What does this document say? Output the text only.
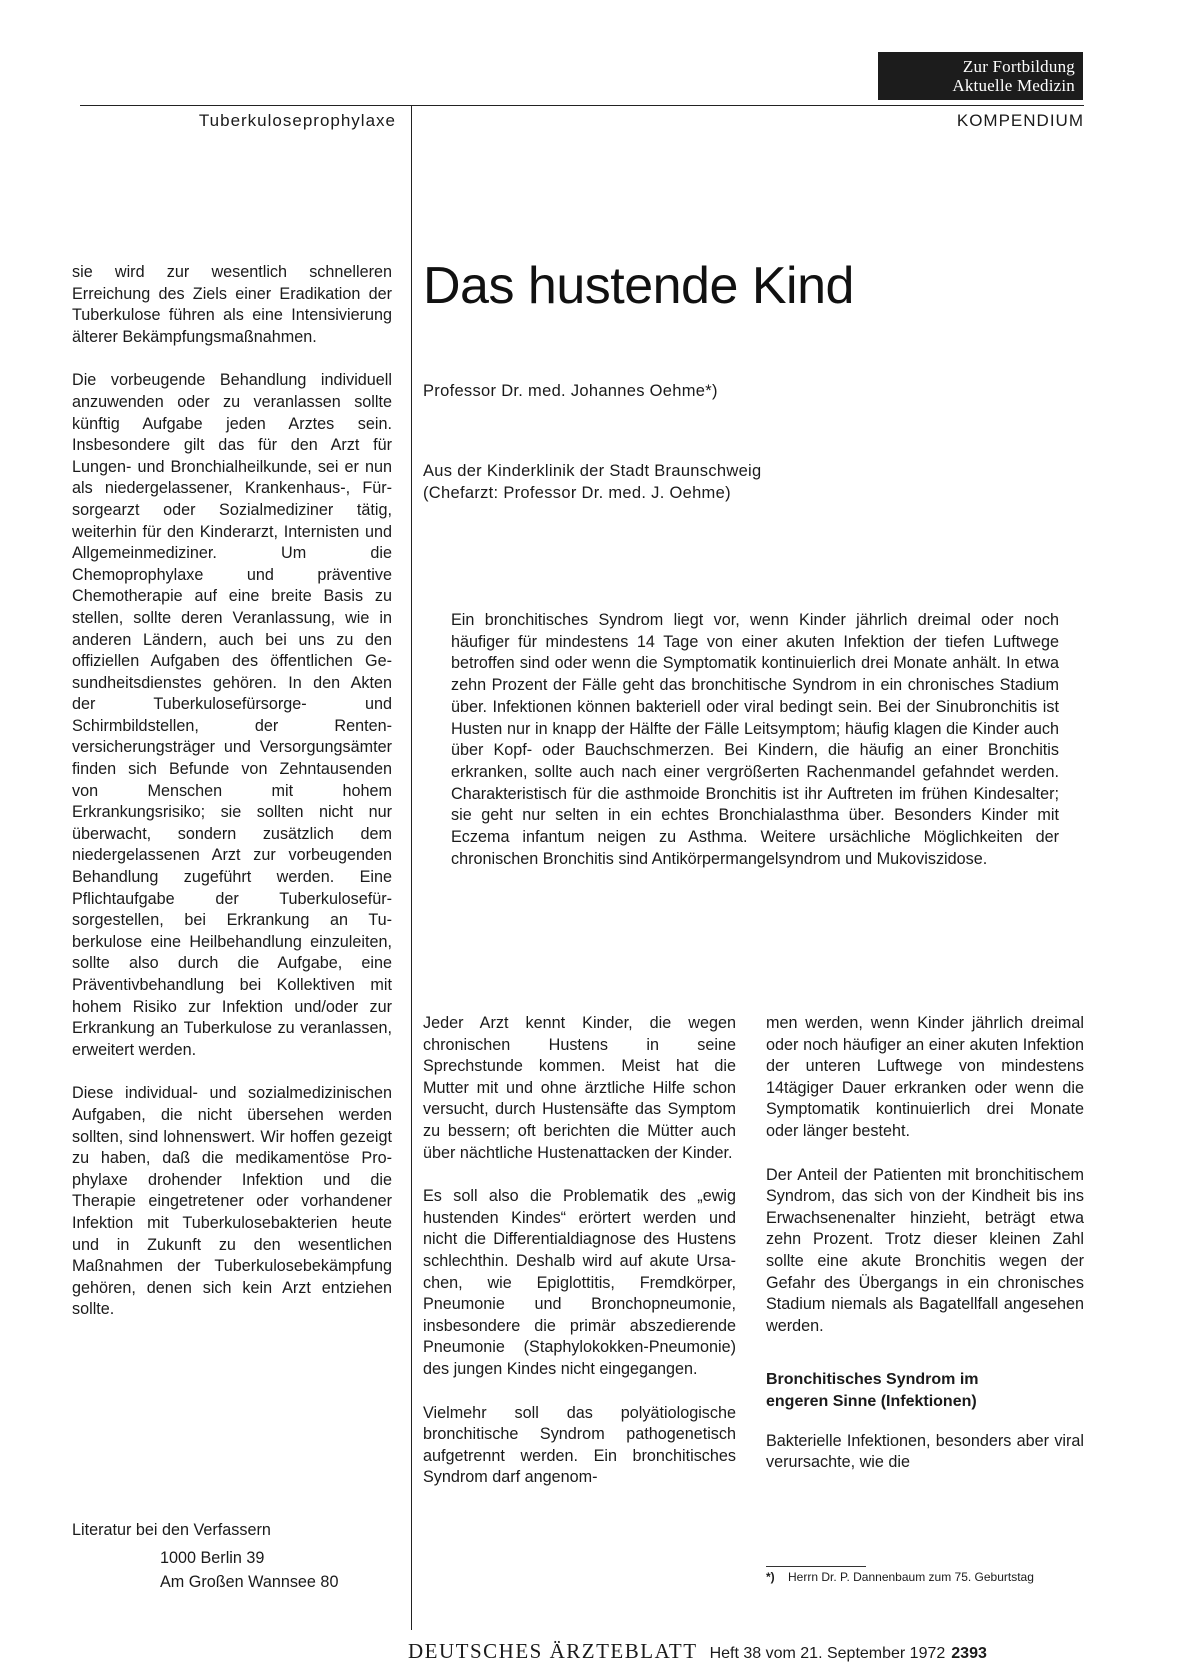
Zur Fortbildung
Aktuelle Medizin
Tuberkuloseprophylaxe	KOMPENDIUM

sie wird zur wesentlich schnelleren Erreichung des Ziels einer Eradikation der Tuberkulose führen als eine Intensivierung älterer Bekämpfungsmaßnahmen.

Die vorbeugende Behandlung individuell anzuwenden oder zu veranlassen sollte künftig Aufgabe jeden Arztes sein. Insbesondere gilt das für den Arzt für Lungen- und Bronchialheilkunde, sei er nun als niedergelassener, Krankenhaus-, Fürsorgearzt oder Sozialmediziner tätig, weiterhin für den Kinderarzt, Internisten und Allgemeinmediziner. Um die Chemoprophylaxe und präventive Chemotherapie auf eine breite Basis zu stellen, sollte deren Veranlassung, wie in anderen Ländern, auch bei uns zu den offiziellen Aufgaben des öffentlichen Gesundheitsdienstes gehören. In den Akten der Tuberkulosefürsorge- und Schirmbildstellen, der Rentenversicherungsträger und Versorgungsämter finden sich Befunde von Zehntausenden von Menschen mit hohem Erkrankungsrisiko; sie sollten nicht nur überwacht, sondern zusätzlich dem niedergelassenen Arzt zur vorbeugenden Behandlung zugeführt werden. Eine Pflichtaufgabe der Tuberkulosefürsorgestellen, bei Erkrankung an Tuberkulose eine Heilbehandlung einzuleiten, sollte also durch die Aufgabe, eine Präventivbehandlung bei Kollektiven mit hohem Risiko zur Infektion und/oder zur Erkrankung an Tuberkulose zu veranlassen, erweitert werden.

Diese individual- und sozialmedizinischen Aufgaben, die nicht übersehen werden sollten, sind lohnenswert. Wir hoffen gezeigt zu haben, daß die medikamentöse Prophylaxe drohender Infektion und die Therapie eingetretener oder vorhandener Infektion mit Tuberkulosebakterien heute und in Zukunft zu den wesentlichen Maßnahmen der Tuberkulosebekämpfung gehören, denen sich kein Arzt entziehen sollte.

Literatur bei den Verfassern
1000 Berlin 39
Am Großen Wannsee 80
Das hustende Kind
Professor Dr. med. Johannes Oehme*)
Aus der Kinderklinik der Stadt Braunschweig
(Chefarzt: Professor Dr. med. J. Oehme)
Ein bronchitisches Syndrom liegt vor, wenn Kinder jährlich dreimal oder noch häufiger für mindestens 14 Tage von einer akuten Infektion der tiefen Luftwege betroffen sind oder wenn die Symptomatik kontinuierlich drei Monate anhält. In etwa zehn Prozent der Fälle geht das bronchitische Syndrom in ein chronisches Stadium über. Infektionen können bakteriell oder viral bedingt sein. Bei der Sinubronchitis ist Husten nur in knapp der Hälfte der Fälle Leitsymptom; häufig klagen die Kinder auch über Kopf- oder Bauchschmerzen. Bei Kindern, die häufig an einer Bronchitis erkranken, sollte auch nach einer vergrößerten Rachenmandel gefahndet werden. Charakteristisch für die asthmoide Bronchitis ist ihr Auftreten im frühen Kindesalter; sie geht nur selten in ein echtes Bronchialasthma über. Besonders Kinder mit Eczema infantum neigen zu Asthma. Weitere ursächliche Möglichkeiten der chronischen Bronchitis sind Antikörpermangelsyndrom und Mukoviszidose.

Jeder Arzt kennt Kinder, die wegen chronischen Hustens in seine Sprechstunde kommen. Meist hat die Mutter mit und ohne ärztliche Hilfe schon versucht, durch Hustensäfte das Symptom zu bessern; oft berichten die Mütter auch über nächtliche Hustenattacken der Kinder.

Es soll also die Problematik des „ewig hustenden Kindes“ erörtert werden und nicht die Differentialdiagnose des Hustens schlechthin. Deshalb wird auf akute Ursachen, wie Epiglottitis, Fremdkörper, Pneumonie und Bronchopneumonie, insbesondere die primär abszedierende Pneumonie (Staphylokokken-Pneumonie) des jungen Kindes nicht eingegangen.

Vielmehr soll das polyätiologische bronchitische Syndrom pathogenetisch aufgetrennt werden. Ein bronchitisches Syndrom darf angenom-

men werden, wenn Kinder jährlich dreimal oder noch häufiger an einer akuten Infektion der unteren Luftwege von mindestens 14tägiger Dauer erkranken oder wenn die Symptomatik kontinuierlich drei Monate oder länger besteht.

Der Anteil der Patienten mit bronchitischem Syndrom, das sich von der Kindheit bis ins Erwachsenenalter hinzieht, beträgt etwa zehn Prozent. Trotz dieser kleinen Zahl sollte eine akute Bronchitis wegen der Gefahr des Übergangs in ein chronisches Stadium niemals als Bagatellfall angesehen werden.

Bronchitisches Syndrom im
engeren Sinne (Infektionen)

Bakterielle Infektionen, besonders aber viral verursachte, wie die

*) Herrn Dr. P. Dannenbaum zum 75. Geburtstag
DEUTSCHES ÄRZTEBLATT Heft 38 vom 21. September 1972 2393
